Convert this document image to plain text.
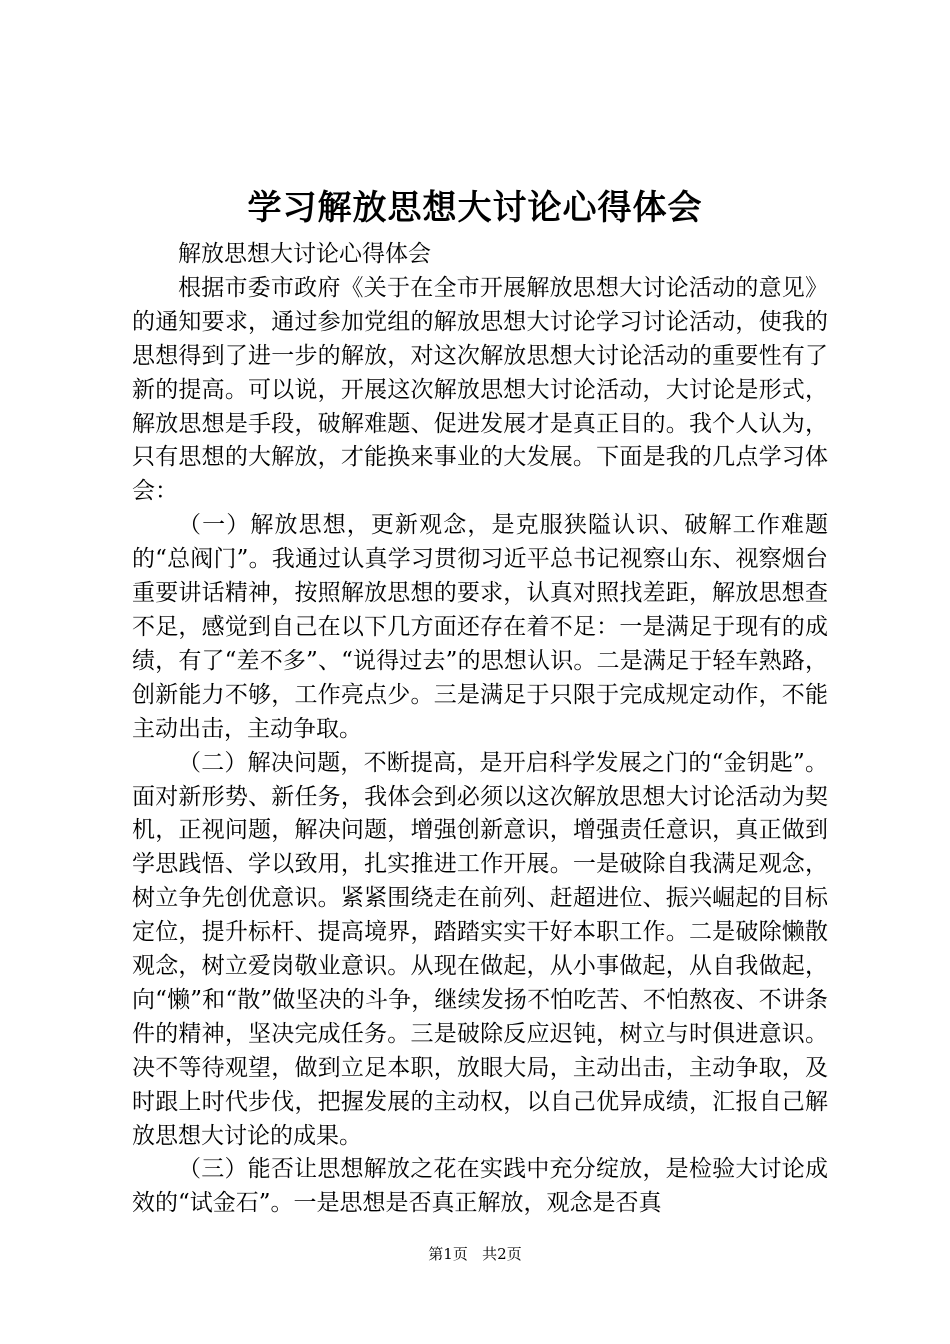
学习解放思想大讨论心得体会

解放思想大讨论心得体会

根据市委市政府《关于在全市开展解放思想大讨论活动的意见》的通知要求，通过参加党组的解放思想大讨论学习讨论活动，使我的思想得到了进一步的解放，对这次解放思想大讨论活动的重要性有了新的提高。可以说，开展这次解放思想大讨论活动，大讨论是形式，解放思想是手段，破解难题、促进发展才是真正目的。我个人认为，只有思想的大解放，才能换来事业的大发展。下面是我的几点学习体会：

（一）解放思想，更新观念，是克服狭隘认识、破解工作难题的“总阀门”。我通过认真学习贯彻习近平总书记视察山东、视察烟台重要讲话精神，按照解放思想的要求，认真对照找差距，解放思想查不足，感觉到自己在以下几方面还存在着不足：一是满足于现有的成绩，有了“差不多”、“说得过去”的思想认识。二是满足于轻车熟路，创新能力不够，工作亮点少。三是满足于只限于完成规定动作，不能主动出击，主动争取。

（二）解决问题，不断提高，是开启科学发展之门的“金钥匙”。面对新形势、新任务，我体会到必须以这次解放思想大讨论活动为契机，正视问题，解决问题，增强创新意识，增强责任意识，真正做到学思践悟、学以致用，扎实推进工作开展。一是破除自我满足观念，树立争先创优意识。紧紧围绕走在前列、赶超进位、振兴崛起的目标定位，提升标杆、提高境界，踏踏实实干好本职工作。二是破除懒散观念，树立爱岗敬业意识。从现在做起，从小事做起，从自我做起，向“懒”和“散”做坚决的斗争，继续发扬不怕吃苦、不怕熬夜、不讲条件的精神，坚决完成任务。三是破除反应迟钝，树立与时俱进意识。决不等待观望，做到立足本职，放眼大局，主动出击，主动争取，及时跟上时代步伐，把握发展的主动权，以自己优异成绩，汇报自己解放思想大讨论的成果。

（三）能否让思想解放之花在实践中充分绽放，是检验大讨论成效的“试金石”。一是思想是否真正解放，观念是否真

第1页 共2页
